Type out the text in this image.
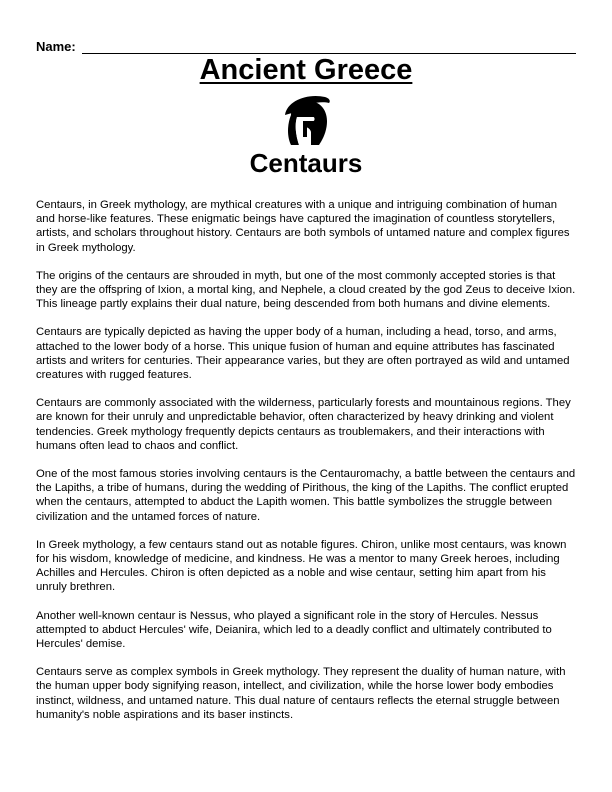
Name:
Ancient Greece
Centaurs

Centaurs, in Greek mythology, are mythical creatures with a unique and intriguing combination of human and horse-like features. These enigmatic beings have captured the imagination of countless storytellers, artists, and scholars throughout history. Centaurs are both symbols of untamed nature and complex figures in Greek mythology.

The origins of the centaurs are shrouded in myth, but one of the most commonly accepted stories is that they are the offspring of Ixion, a mortal king, and Nephele, a cloud created by the god Zeus to deceive Ixion. This lineage partly explains their dual nature, being descended from both humans and divine elements.

Centaurs are typically depicted as having the upper body of a human, including a head, torso, and arms, attached to the lower body of a horse. This unique fusion of human and equine attributes has fascinated artists and writers for centuries. Their appearance varies, but they are often portrayed as wild and untamed creatures with rugged features.

Centaurs are commonly associated with the wilderness, particularly forests and mountainous regions. They are known for their unruly and unpredictable behavior, often characterized by heavy drinking and violent tendencies. Greek mythology frequently depicts centaurs as troublemakers, and their interactions with humans often lead to chaos and conflict.

One of the most famous stories involving centaurs is the Centauromachy, a battle between the centaurs and the Lapiths, a tribe of humans, during the wedding of Pirithous, the king of the Lapiths. The conflict erupted when the centaurs, attempted to abduct the Lapith women. This battle symbolizes the struggle between civilization and the untamed forces of nature.

In Greek mythology, a few centaurs stand out as notable figures. Chiron, unlike most centaurs, was known for his wisdom, knowledge of medicine, and kindness. He was a mentor to many Greek heroes, including Achilles and Hercules. Chiron is often depicted as a noble and wise centaur, setting him apart from his unruly brethren.

Another well-known centaur is Nessus, who played a significant role in the story of Hercules. Nessus attempted to abduct Hercules' wife, Deianira, which led to a deadly conflict and ultimately contributed to Hercules' demise.

Centaurs serve as complex symbols in Greek mythology. They represent the duality of human nature, with the human upper body signifying reason, intellect, and civilization, while the horse lower body embodies instinct, wildness, and untamed nature. This dual nature of centaurs reflects the eternal struggle between humanity's noble aspirations and its baser instincts.
